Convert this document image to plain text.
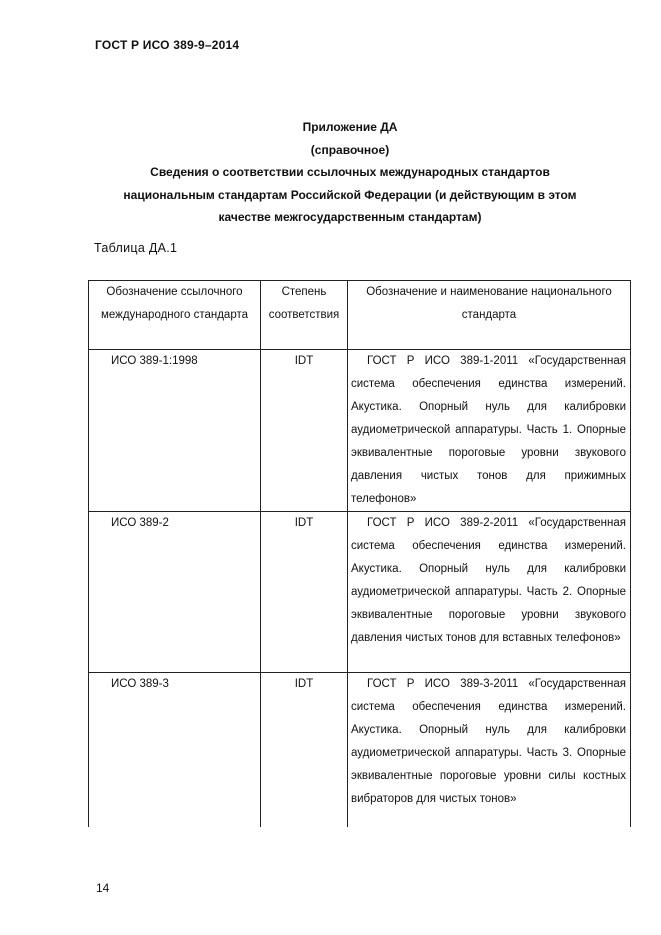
ГОСТ Р ИСО 389-9–2014
Приложение ДА
(справочное)
Сведения о соответствии ссылочных международных стандартов
национальным стандартам Российской Федерации (и действующим в этом
качестве межгосударственным стандартам)
Таблица ДА.1
Обозначение ссылочного международного стандарта	Степень соответствия	Обозначение и наименование национального стандарта
ИСО 389-1:1998	IDT	ГОСТ Р ИСО 389-1-2011 «Государственная система обеспечения единства измерений. Акустика. Опорный нуль для калибровки аудиометрической аппаратуры. Часть 1. Опорные эквивалентные пороговые уровни звукового давления чистых тонов для прижимных телефонов»
ИСО 389-2	IDT	ГОСТ Р ИСО 389-2-2011 «Государственная система обеспечения единства измерений. Акустика. Опорный нуль для калибровки аудиометрической аппаратуры. Часть 2. Опорные эквивалентные пороговые уровни звукового давления чистых тонов для вставных телефонов»
ИСО 389-3	IDT	ГОСТ Р ИСО 389-3-2011 «Государственная система обеспечения единства измерений. Акустика. Опорный нуль для калибровки аудиометрической аппаратуры. Часть 3. Опорные эквивалентные пороговые уровни силы костных вибраторов для чистых тонов»
14
